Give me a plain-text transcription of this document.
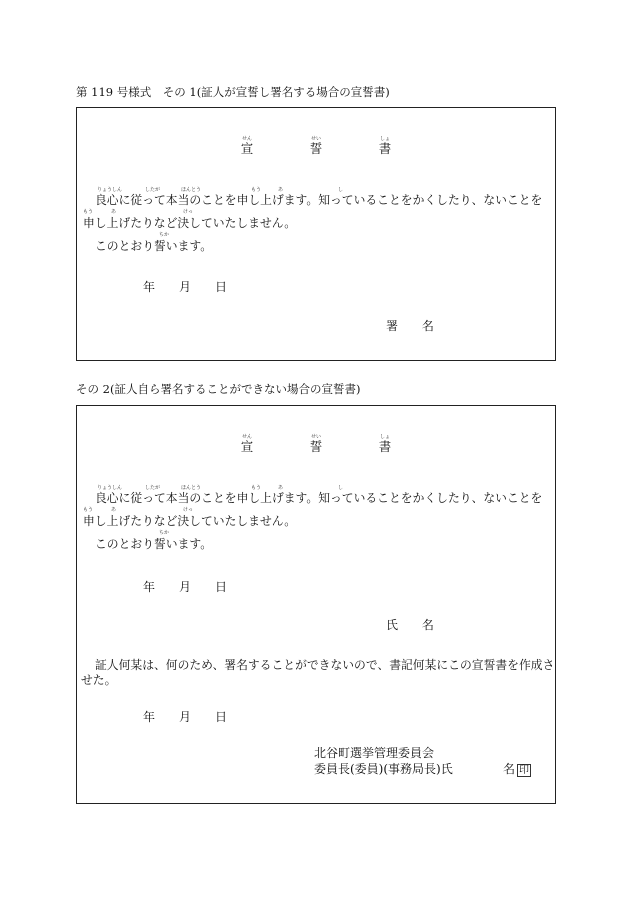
第 119 号様式　その 1(証人が宣誓し署名する場合の宣誓書)
せん
宣
せい
誓
しょ
書
りょうしん	したが	ほんとう	もう	あ	し
良心に従って本当のことを申し上げます。知っていることをかくしたり、ないことを
もう	あ	けっ
申し上げたりなど決していたしません。
ちか
このとおり誓います。
年 月 日
署 名
その 2(証人自ら署名することができない場合の宣誓書)
せん
宣
せい
誓
しょ
書
りょうしん	したが	ほんとう	もう	あ	し
良心に従って本当のことを申し上げます。知っていることをかくしたり、ないことを
もう	あ	けっ
申し上げたりなど決していたしません。
ちか
このとおり誓います。
年 月 日
氏 名
証人何某は、何のため、署名することができないので、書記何某にこの宣誓書を作成さ
せた。
年 月 日
北谷町選挙管理委員会
委員長(委員)(事務局長)氏	名 印
